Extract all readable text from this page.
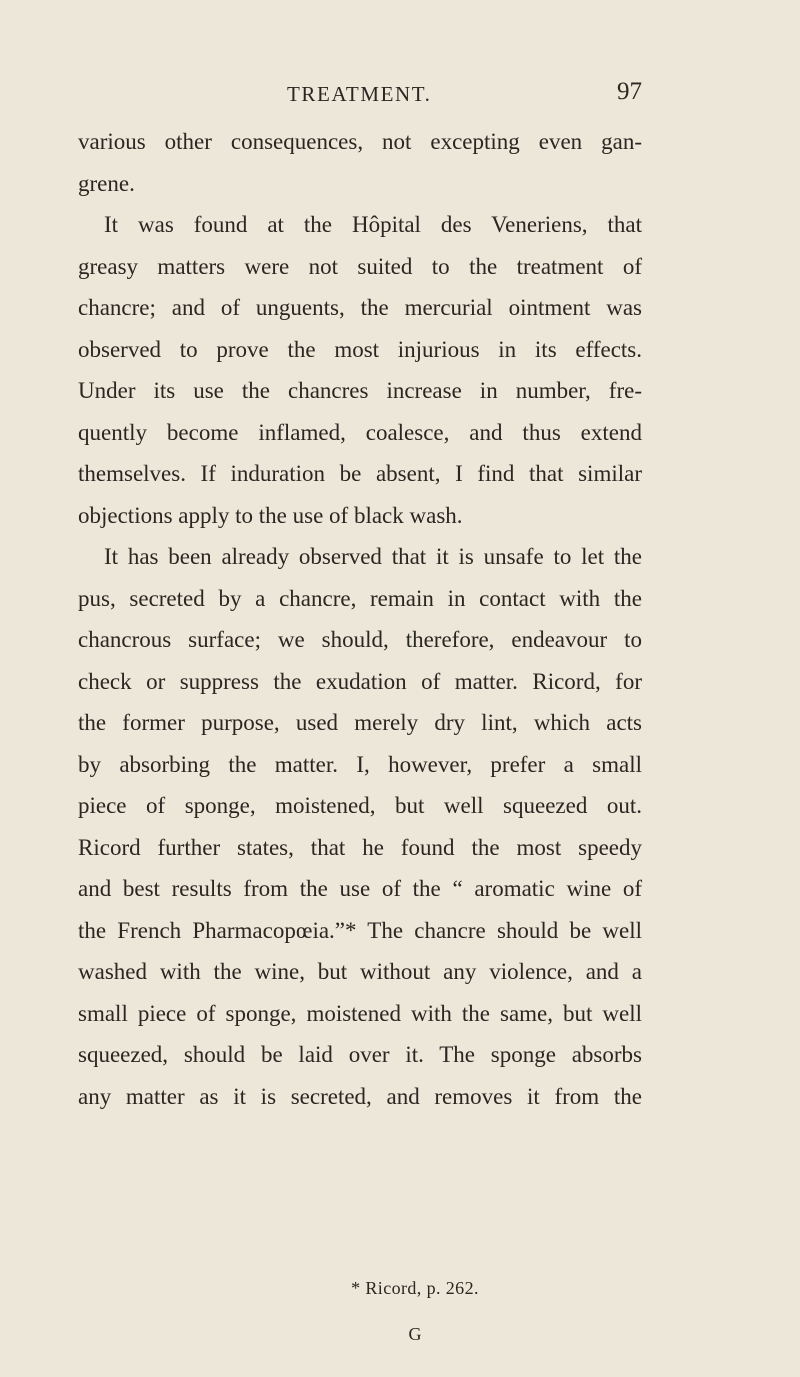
TREATMENT.	97
various other consequences, not excepting even gan-
grene.
It was found at the Hôpital des Veneriens, that
greasy matters were not suited to the treatment of
chancre; and of unguents, the mercurial ointment was
observed to prove the most injurious in its effects.
Under its use the chancres increase in number, fre-
quently become inflamed, coalesce, and thus extend
themselves. If induration be absent, I find that similar
objections apply to the use of black wash.
It has been already observed that it is unsafe to let the
pus, secreted by a chancre, remain in contact with the
chancrous surface; we should, therefore, endeavour to
check or suppress the exudation of matter. Ricord, for
the former purpose, used merely dry lint, which acts
by absorbing the matter. I, however, prefer a small
piece of sponge, moistened, but well squeezed out.
Ricord further states, that he found the most speedy
and best results from the use of the “ aromatic wine of
the French Pharmacopœia.”* The chancre should be well
washed with the wine, but without any violence, and a
small piece of sponge, moistened with the same, but well
squeezed, should be laid over it. The sponge absorbs
any matter as it is secreted, and removes it from the
* Ricord, p. 262.
G
